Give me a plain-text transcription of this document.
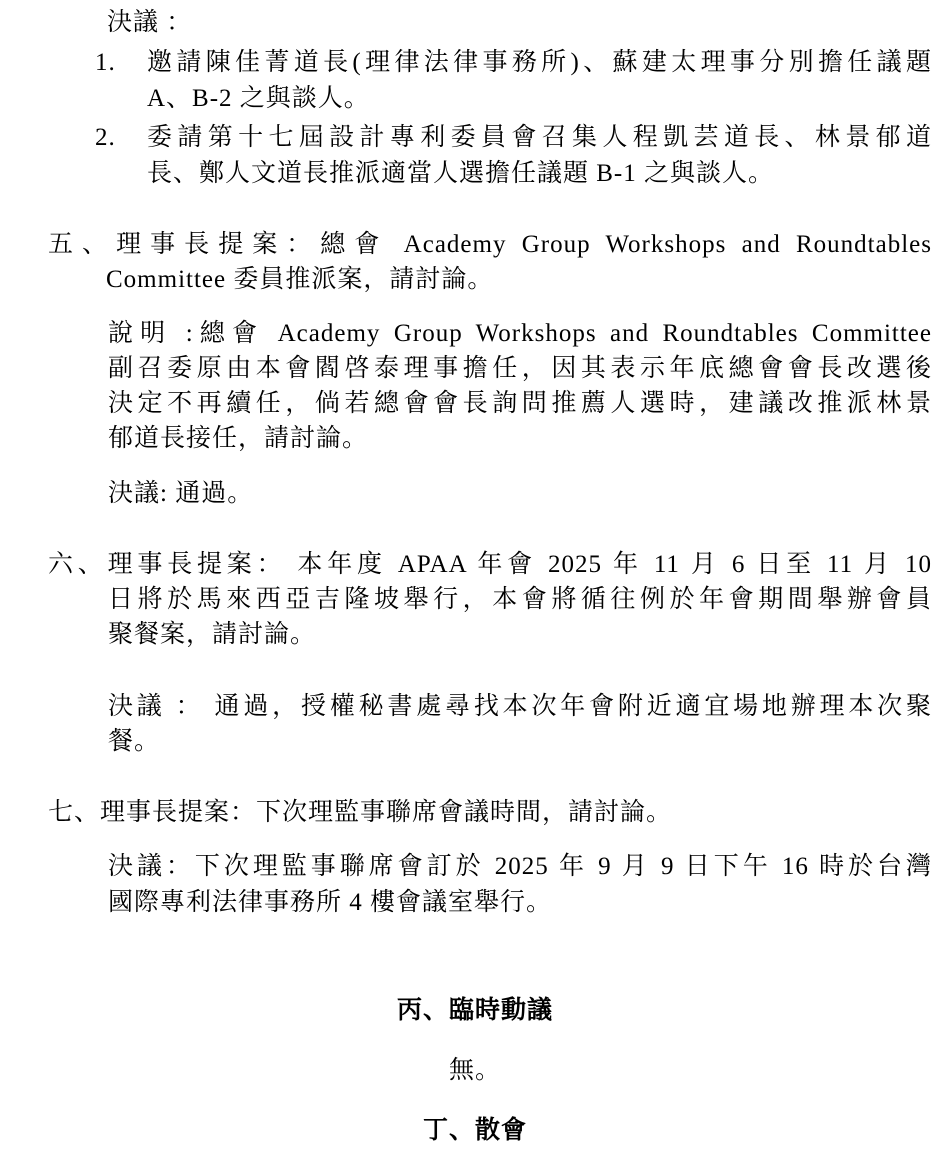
決議 ：
1. 邀請陳佳菁道長(理律法律事務所)、蘇建太理事分別擔任議題
A、B-2 之與談人。
2. 委請第十七屆設計專利委員會召集人程凱芸道長、林景郁道
長、鄭人文道長推派適當人選擔任議題 B-1 之與談人。
五、理事長提案：總會 Academy Group Workshops and Roundtables
Committee 委員推派案，請討論。
說明 :總會 Academy Group Workshops and Roundtables Committee
副召委原由本會閻啓泰理事擔任，因其表示年底總會會長改選後
決定不再續任，倘若總會會長詢問推薦人選時，建議改推派林景
郁道長接任，請討論。
決議: 通過。
六、理事長提案： 本年度 APAA 年會 2025 年 11 月 6 日至 11 月 10
日將於馬來西亞吉隆坡舉行，本會將循往例於年會期間舉辦會員
聚餐案，請討論。
決議 ： 通過，授權秘書處尋找本次年會附近適宜場地辦理本次聚
餐。
七、理事長提案：下次理監事聯席會議時間，請討論。
決議：下次理監事聯席會訂於 2025 年 9 月 9 日下午 16 時於台灣
國際專利法律事務所 4 樓會議室舉行。
丙、臨時動議
無。
丁、散會
